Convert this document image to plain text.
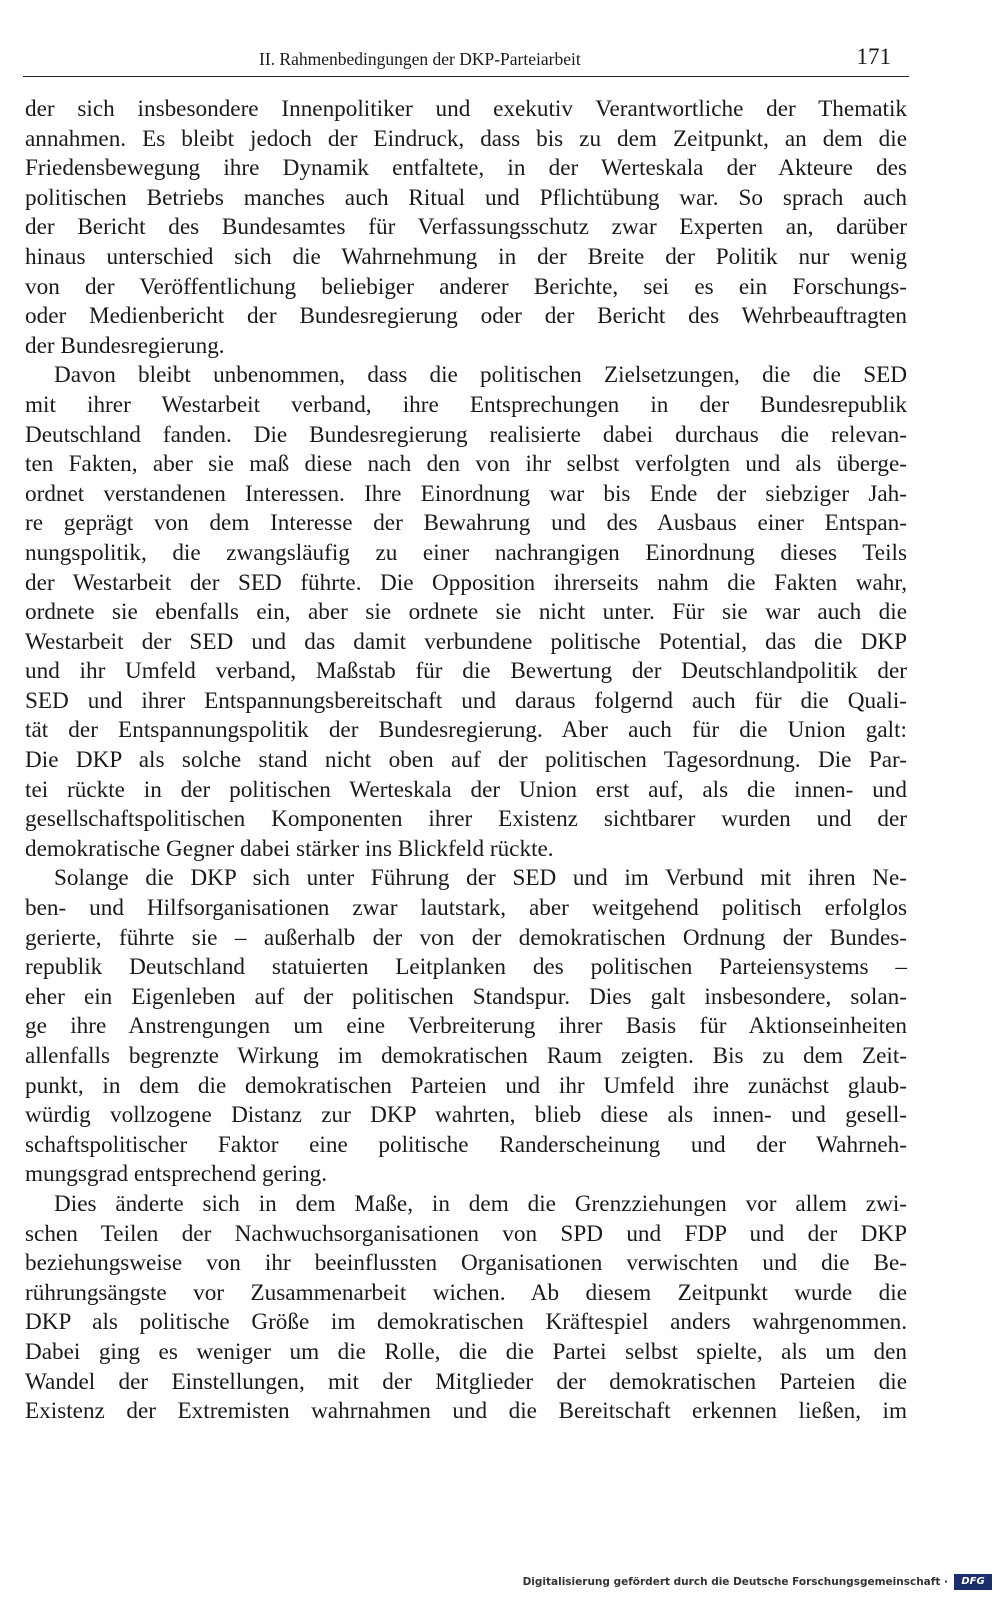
II. Rahmenbedingungen der DKP-Parteiarbeit	171
der sich insbesondere Innenpolitiker und exekutiv Verantwortliche der Thematik
annahmen. Es bleibt jedoch der Eindruck, dass bis zu dem Zeitpunkt, an dem die
Friedensbewegung ihre Dynamik entfaltete, in der Werteskala der Akteure des
politischen Betriebs manches auch Ritual und Pflichtübung war. So sprach auch
der Bericht des Bundesamtes für Verfassungsschutz zwar Experten an, darüber
hinaus unterschied sich die Wahrnehmung in der Breite der Politik nur wenig
von der Veröffentlichung beliebiger anderer Berichte, sei es ein Forschungs-
oder Medienbericht der Bundesregierung oder der Bericht des Wehrbeauftragten
der Bundesregierung.
Davon bleibt unbenommen, dass die politischen Zielsetzungen, die die SED
mit ihrer Westarbeit verband, ihre Entsprechungen in der Bundesrepublik
Deutschland fanden. Die Bundesregierung realisierte dabei durchaus die relevan-
ten Fakten, aber sie maß diese nach den von ihr selbst verfolgten und als überge-
ordnet verstandenen Interessen. Ihre Einordnung war bis Ende der siebziger Jah-
re geprägt von dem Interesse der Bewahrung und des Ausbaus einer Entspan-
nungspolitik, die zwangsläufig zu einer nachrangigen Einordnung dieses Teils
der Westarbeit der SED führte. Die Opposition ihrerseits nahm die Fakten wahr,
ordnete sie ebenfalls ein, aber sie ordnete sie nicht unter. Für sie war auch die
Westarbeit der SED und das damit verbundene politische Potential, das die DKP
und ihr Umfeld verband, Maßstab für die Bewertung der Deutschlandpolitik der
SED und ihrer Entspannungsbereitschaft und daraus folgernd auch für die Quali-
tät der Entspannungspolitik der Bundesregierung. Aber auch für die Union galt:
Die DKP als solche stand nicht oben auf der politischen Tagesordnung. Die Par-
tei rückte in der politischen Werteskala der Union erst auf, als die innen- und
gesellschaftspolitischen Komponenten ihrer Existenz sichtbarer wurden und der
demokratische Gegner dabei stärker ins Blickfeld rückte.
Solange die DKP sich unter Führung der SED und im Verbund mit ihren Ne-
ben- und Hilfsorganisationen zwar lautstark, aber weitgehend politisch erfolglos
gerierte, führte sie – außerhalb der von der demokratischen Ordnung der Bundes-
republik Deutschland statuierten Leitplanken des politischen Parteiensystems –
eher ein Eigenleben auf der politischen Standspur. Dies galt insbesondere, solan-
ge ihre Anstrengungen um eine Verbreiterung ihrer Basis für Aktionseinheiten
allenfalls begrenzte Wirkung im demokratischen Raum zeigten. Bis zu dem Zeit-
punkt, in dem die demokratischen Parteien und ihr Umfeld ihre zunächst glaub-
würdig vollzogene Distanz zur DKP wahrten, blieb diese als innen- und gesell-
schaftspolitischer Faktor eine politische Randerscheinung und der Wahrneh-
mungsgrad entsprechend gering.
Dies änderte sich in dem Maße, in dem die Grenzziehungen vor allem zwi-
schen Teilen der Nachwuchsorganisationen von SPD und FDP und der DKP
beziehungsweise von ihr beeinflussten Organisationen verwischten und die Be-
rührungsängste vor Zusammenarbeit wichen. Ab diesem Zeitpunkt wurde die
DKP als politische Größe im demokratischen Kräftespiel anders wahrgenommen.
Dabei ging es weniger um die Rolle, die die Partei selbst spielte, als um den
Wandel der Einstellungen, mit der Mitglieder der demokratischen Parteien die
Existenz der Extremisten wahrnahmen und die Bereitschaft erkennen ließen, im
Digitalisierung gefördert durch die Deutsche Forschungsgemeinschaft ·	DFG
